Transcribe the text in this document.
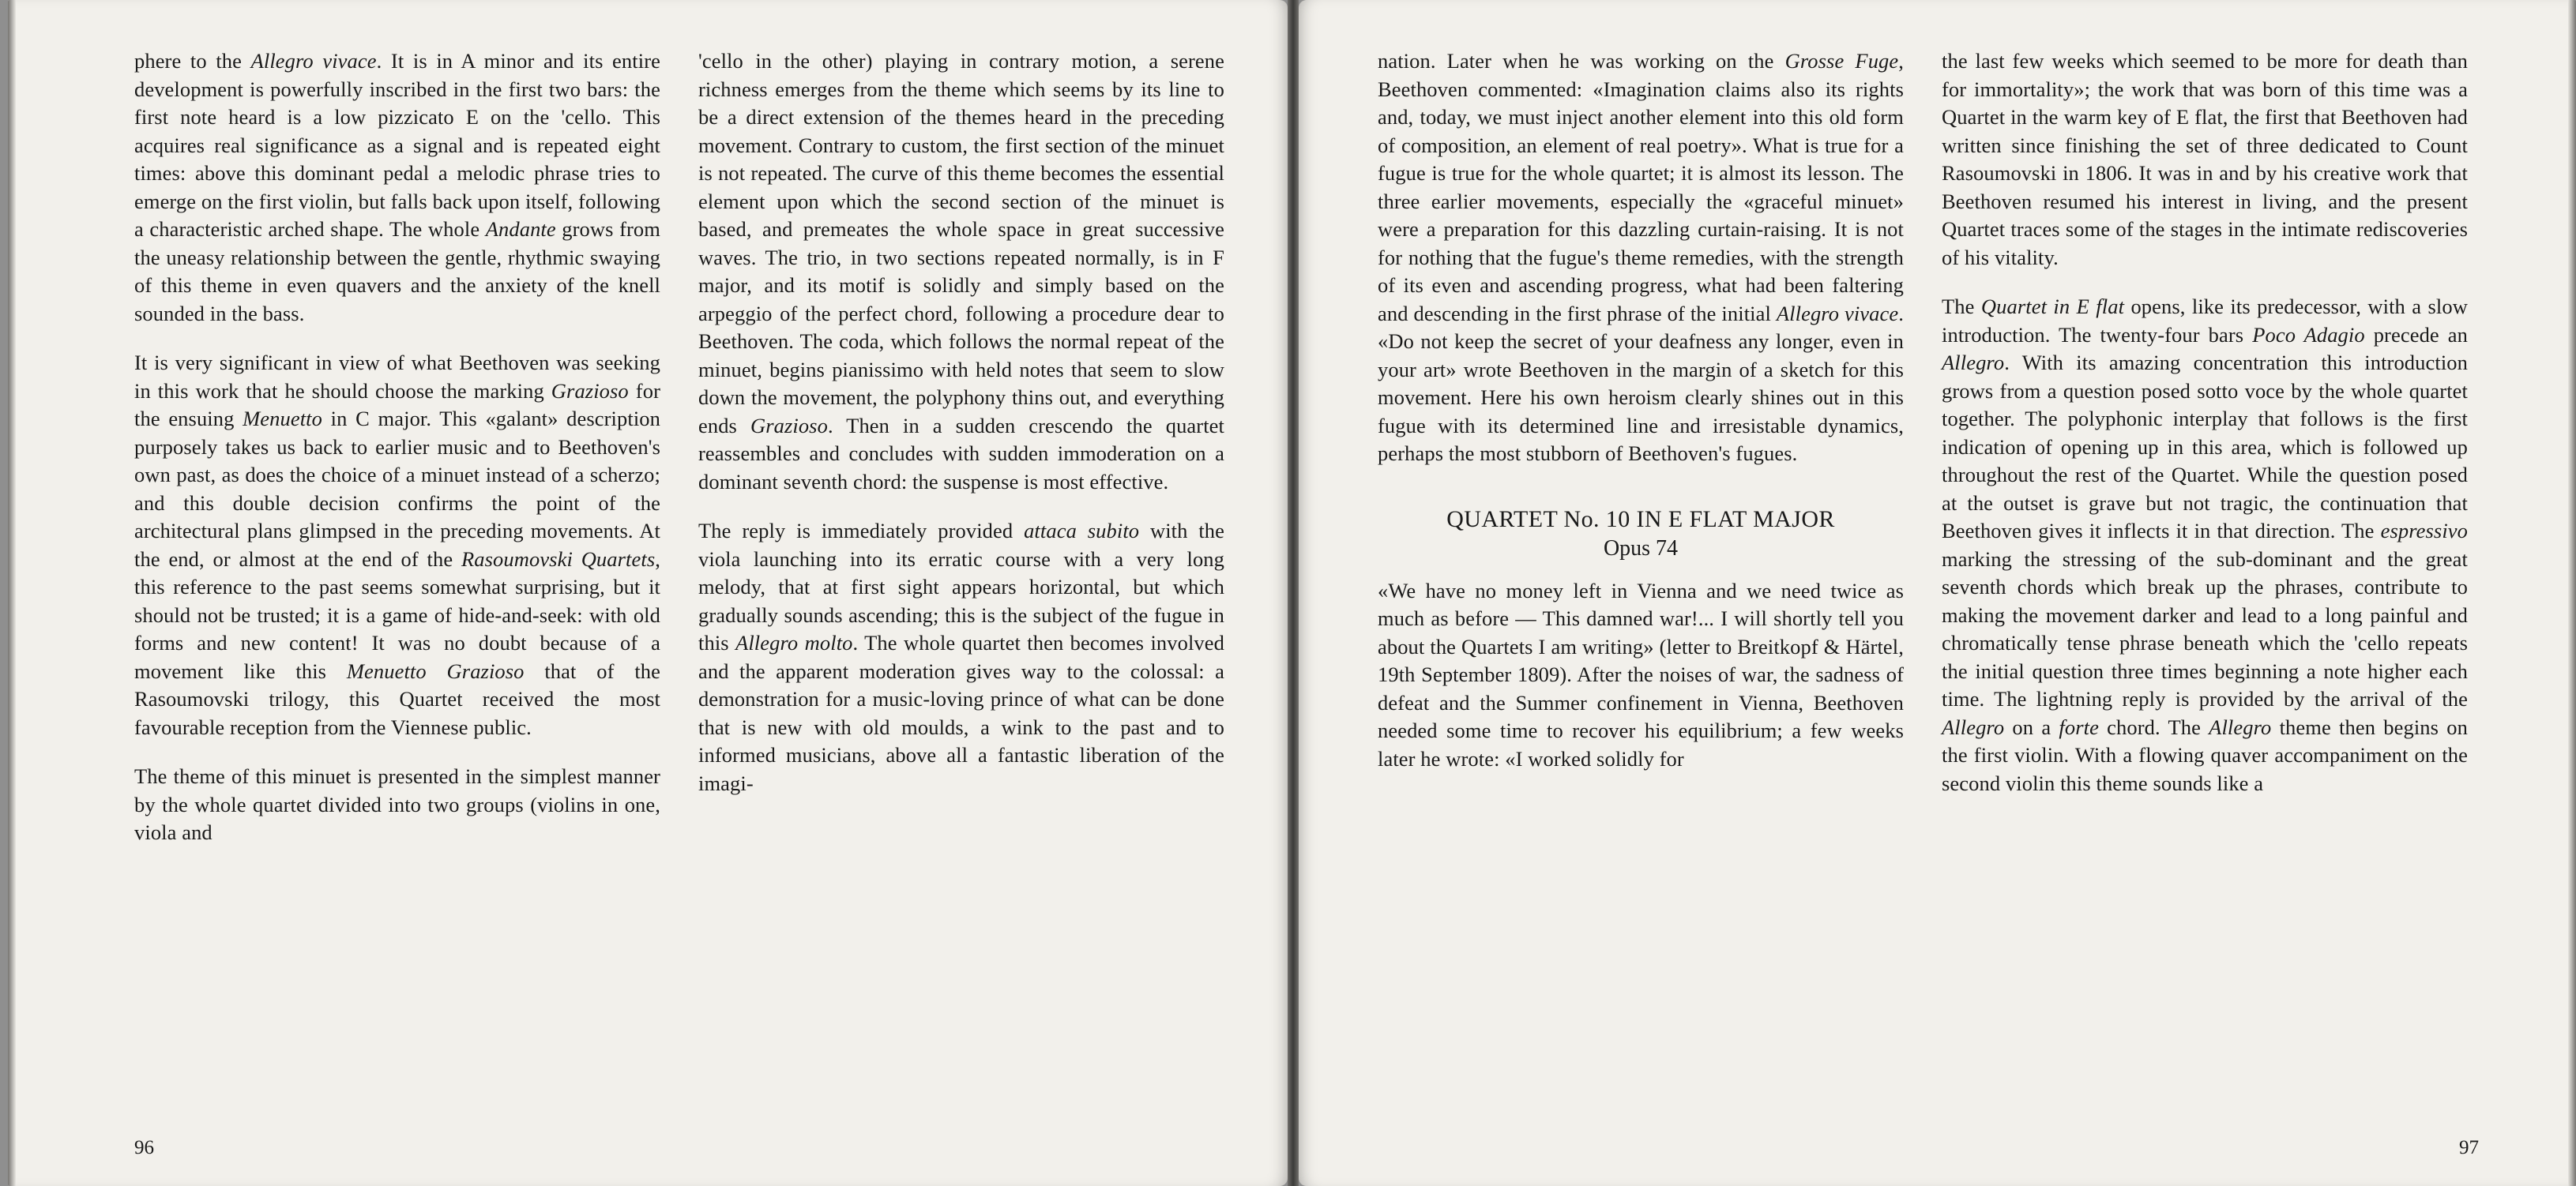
phere to the Allegro vivace. It is in A minor and its entire development is powerfully inscribed in the first two bars: the first note heard is a low pizzicato E on the 'cello. This acquires real significance as a signal and is repeated eight times: above this dominant pedal a melodic phrase tries to emerge on the first violin, but falls back upon itself, following a characteristic arched shape. The whole Andante grows from the uneasy relationship between the gentle, rhythmic swaying of this theme in even quavers and the anxiety of the knell sounded in the bass.

It is very significant in view of what Beethoven was seeking in this work that he should choose the marking Grazioso for the ensuing Menuetto in C major. This «galant» description purposely takes us back to earlier music and to Beethoven's own past, as does the choice of a minuet instead of a scherzo; and this double decision confirms the point of the architectural plans glimpsed in the preceding movements. At the end, or almost at the end of the Rasoumovski Quartets, this reference to the past seems somewhat surprising, but it should not be trusted; it is a game of hide-and-seek: with old forms and new content! It was no doubt because of a movement like this Menuetto Grazioso that of the Rasoumovski trilogy, this Quartet received the most favourable reception from the Viennese public.

The theme of this minuet is presented in the simplest manner by the whole quartet divided into two groups (violins in one, viola and

'cello in the other) playing in contrary motion, a serene richness emerges from the theme which seems by its line to be a direct extension of the themes heard in the preceding movement. Contrary to custom, the first section of the minuet is not repeated. The curve of this theme becomes the essential element upon which the second section of the minuet is based, and premeates the whole space in great successive waves. The trio, in two sections repeated normally, is in F major, and its motif is solidly and simply based on the arpeggio of the perfect chord, following a procedure dear to Beethoven. The coda, which follows the normal repeat of the minuet, begins pianissimo with held notes that seem to slow down the movement, the polyphony thins out, and everything ends Grazioso. Then in a sudden crescendo the quartet reassembles and concludes with sudden immoderation on a dominant seventh chord: the suspense is most effective.

The reply is immediately provided attaca subito with the viola launching into its erratic course with a very long melody, that at first sight appears horizontal, but which gradually sounds ascending; this is the subject of the fugue in this Allegro molto. The whole quartet then becomes involved and the apparent moderation gives way to the colossal: a demonstration for a music-loving prince of what can be done that is new with old moulds, a wink to the past and to informed musicians, above all a fantastic liberation of the imagi-

96

nation. Later when he was working on the Grosse Fuge, Beethoven commented: «Imagination claims also its rights and, today, we must inject another element into this old form of composition, an element of real poetry». What is true for a fugue is true for the whole quartet; it is almost its lesson. The three earlier movements, especially the «graceful minuet» were a preparation for this dazzling curtain-raising. It is not for nothing that the fugue's theme remedies, with the strength of its even and ascending progress, what had been faltering and descending in the first phrase of the initial Allegro vivace. «Do not keep the secret of your deafness any longer, even in your art» wrote Beethoven in the margin of a sketch for this movement. Here his own heroism clearly shines out in this fugue with its determined line and irresistable dynamics, perhaps the most stubborn of Beethoven's fugues.

QUARTET No. 10 IN E FLAT MAJOR
Opus 74

«We have no money left in Vienna and we need twice as much as before — This damned war!... I will shortly tell you about the Quartets I am writing» (letter to Breitkopf & Härtel, 19th September 1809). After the noises of war, the sadness of defeat and the Summer confinement in Vienna, Beethoven needed some time to recover his equilibrium; a few weeks later he wrote: «I worked solidly for

the last few weeks which seemed to be more for death than for immortality»; the work that was born of this time was a Quartet in the warm key of E flat, the first that Beethoven had written since finishing the set of three dedicated to Count Rasoumovski in 1806. It was in and by his creative work that Beethoven resumed his interest in living, and the present Quartet traces some of the stages in the intimate rediscoveries of his vitality.

The Quartet in E flat opens, like its predecessor, with a slow introduction. The twenty-four bars Poco Adagio precede an Allegro. With its amazing concentration this introduction grows from a question posed sotto voce by the whole quartet together. The polyphonic interplay that follows is the first indication of opening up in this area, which is followed up throughout the rest of the Quartet. While the question posed at the outset is grave but not tragic, the continuation that Beethoven gives it inflects it in that direction. The espressivo marking the stressing of the sub-dominant and the great seventh chords which break up the phrases, contribute to making the movement darker and lead to a long painful and chromatically tense phrase beneath which the 'cello repeats the initial question three times beginning a note higher each time. The lightning reply is provided by the arrival of the Allegro on a forte chord. The Allegro theme then begins on the first violin. With a flowing quaver accompaniment on the second violin this theme sounds like a

97
